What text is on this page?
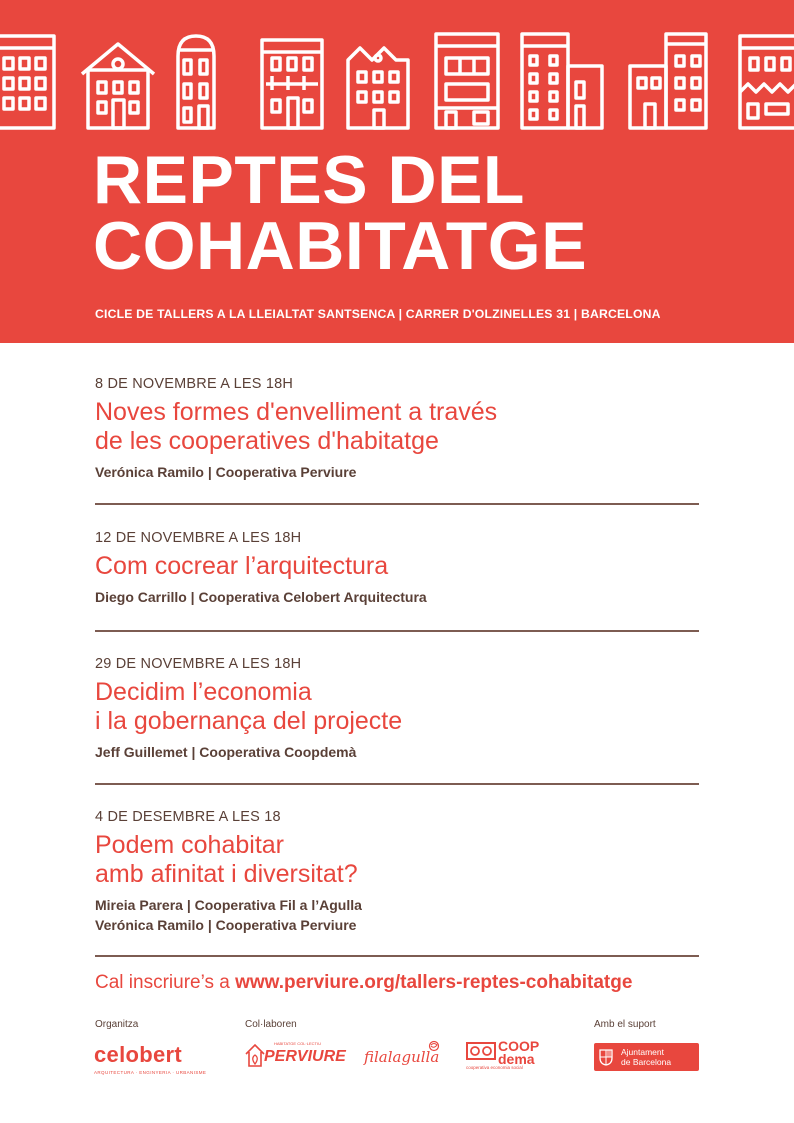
REPTES DEL
COHABITATGE
CICLE DE TALLERS A LA LLEIALTAT SANTSENCA | CARRER D'OLZINELLES 31 | BARCELONA

8 DE NOVEMBRE A LES 18H

Noves formes d'envelliment a través
de les cooperatives d'habitatge

Verónica Ramilo | Cooperativa Perviure

12 DE NOVEMBRE A LES 18H

Com cocrear l’arquitectura

Diego Carrillo | Cooperativa Celobert Arquitectura

29 DE NOVEMBRE A LES 18H

Decidim l’economia
i la gobernança del projecte

Jeff Guillemet | Cooperativa Coopdemà

4 DE DESEMBRE A LES 18

Podem cohabitar
amb afinitat i diversitat?

Mireia Parera | Cooperativa Fil a l’Agulla

Verónica Ramilo | Cooperativa Perviure

Cal inscriure’s a www.perviure.org/tallers-reptes-cohabitatge
Organitza	Col·laboren	Amb el suport
celobert
ARQUITECTURA · ENGINYERIA · URBANISME
HABITATGE COL·LECTIU
PERVIURE filalagulla
COOP
dema
cooperativa economia social
Ajuntament
de Barcelona
